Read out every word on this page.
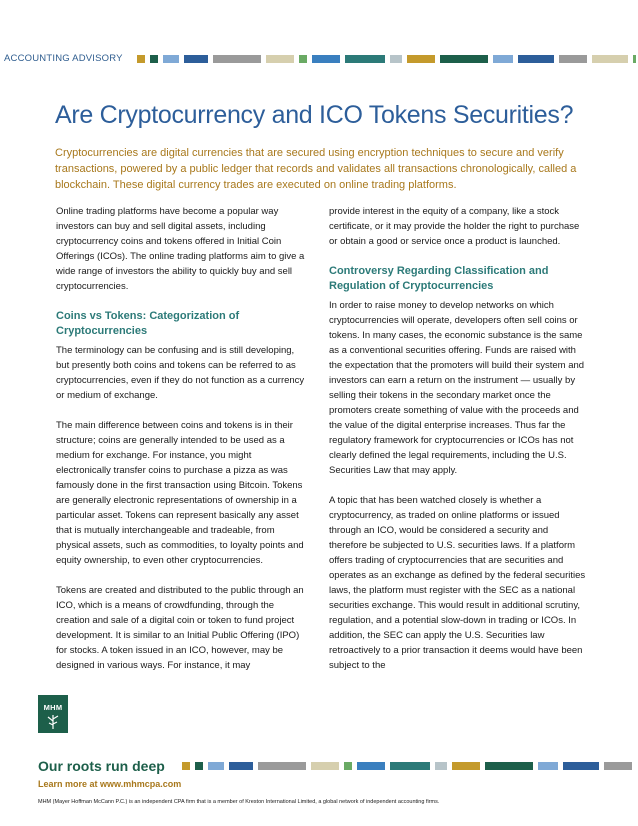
ACCOUNTING ADVISORY
Are Cryptocurrency and ICO Tokens Securities?
Cryptocurrencies are digital currencies that are secured using encryption techniques to secure and verify transactions, powered by a public ledger that records and validates all transactions chronologically, called a blockchain. These digital currency trades are executed on online trading platforms.

Online trading platforms have become a popular way investors can buy and sell digital assets, including cryptocurrency coins and tokens offered in Initial Coin Offerings (ICOs). The online trading platforms aim to give a wide range of investors the ability to quickly buy and sell cryptocurrencies.

Coins vs Tokens: Categorization of Cryptocurrencies

The terminology can be confusing and is still developing, but presently both coins and tokens can be referred to as cryptocurrencies, even if they do not function as a currency or medium of exchange.

The main difference between coins and tokens is in their structure; coins are generally intended to be used as a medium for exchange. For instance, you might electronically transfer coins to purchase a pizza as was famously done in the first transaction using Bitcoin. Tokens are generally electronic representations of ownership in a particular asset. Tokens can represent basically any asset that is mutually interchangeable and tradeable, from physical assets, such as commodities, to loyalty points and equity ownership, to even other cryptocurrencies.

Tokens are created and distributed to the public through an ICO, which is a means of crowdfunding, through the creation and sale of a digital coin or token to fund project development. It is similar to an Initial Public Offering (IPO) for stocks. A token issued in an ICO, however, may be designed in various ways. For instance, it may

provide interest in the equity of a company, like a stock certificate, or it may provide the holder the right to purchase or obtain a good or service once a product is launched.

Controversy Regarding Classification and Regulation of Cryptocurrencies

In order to raise money to develop networks on which cryptocurrencies will operate, developers often sell coins or tokens. In many cases, the economic substance is the same as a conventional securities offering. Funds are raised with the expectation that the promoters will build their system and investors can earn a return on the instrument — usually by selling their tokens in the secondary market once the promoters create something of value with the proceeds and the value of the digital enterprise increases. Thus far the regulatory framework for cryptocurrencies or ICOs has not clearly defined the legal requirements, including the U.S. Securities Law that may apply.

A topic that has been watched closely is whether a cryptocurrency, as traded on online platforms or issued through an ICO, would be considered a security and therefore be subjected to U.S. securities laws. If a platform offers trading of cryptocurrencies that are securities and operates as an exchange as defined by the federal securities laws, the platform must register with the SEC as a national securities exchange. This would result in additional scrutiny, regulation, and a potential slow-down in trading or ICOs. In addition, the SEC can apply the U.S. Securities law retroactively to a prior transaction it deems would have been subject to the

MHM
Our roots run deep
Learn more at www.mhmcpa.com
MHM (Mayer Hoffman McCann P.C.) is an independent CPA firm that is a member of Kreston International Limited, a global network of independent accounting firms.
